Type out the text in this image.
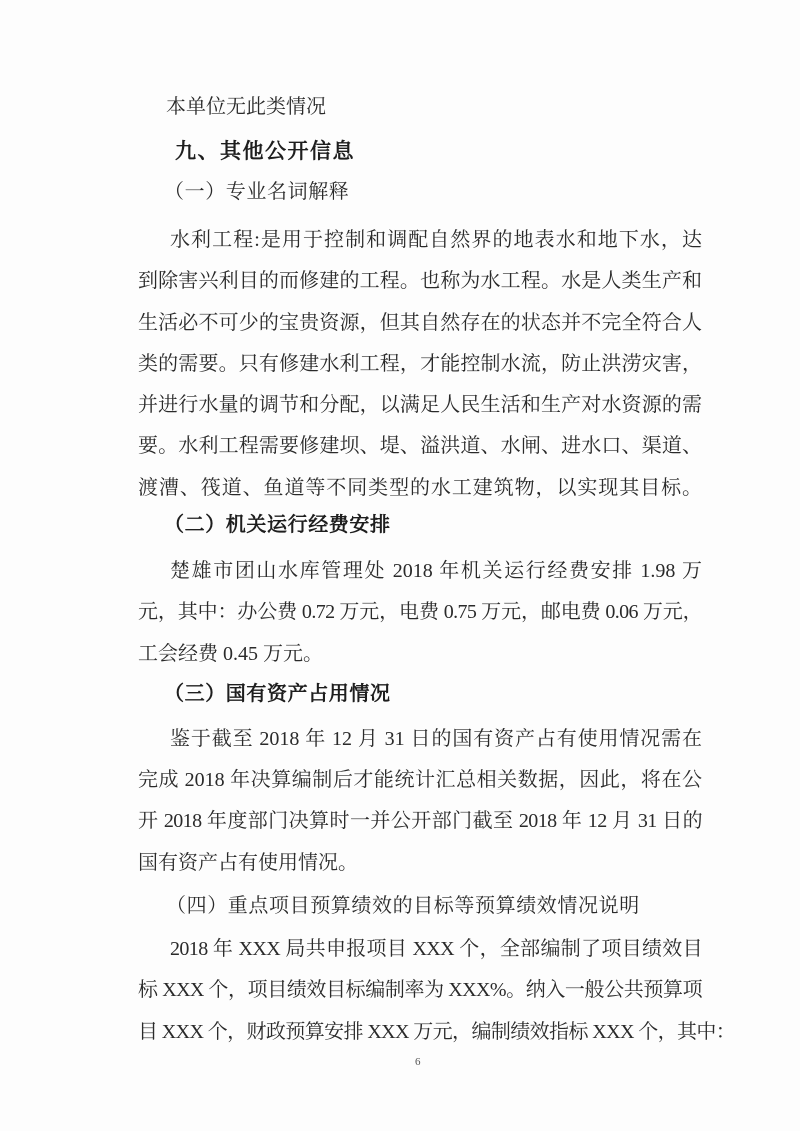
本单位无此类情况
九、其他公开信息
（一）专业名词解释
水利工程:是用于控制和调配自然界的地表水和地下水，达
到除害兴利目的而修建的工程。也称为水工程。水是人类生产和
生活必不可少的宝贵资源，但其自然存在的状态并不完全符合人
类的需要。只有修建水利工程，才能控制水流，防止洪涝灾害，
并进行水量的调节和分配，以满足人民生活和生产对水资源的需
要。水利工程需要修建坝、堤、溢洪道、水闸、进水口、渠道、
渡漕、筏道、鱼道等不同类型的水工建筑物，以实现其目标。
（二）机关运行经费安排
楚雄市团山水库管理处 2018 年机关运行经费安排 1.98 万
元，其中：办公费 0.72 万元，电费 0.75 万元，邮电费 0.06 万元，
工会经费 0.45 万元。
（三）国有资产占用情况
鉴于截至 2018 年 12 月 31 日的国有资产占有使用情况需在
完成 2018 年决算编制后才能统计汇总相关数据，因此，将在公
开 2018 年度部门决算时一并公开部门截至 2018 年 12 月 31 日的
国有资产占有使用情况。
（四）重点项目预算绩效的目标等预算绩效情况说明
2018 年 XXX 局共申报项目 XXX 个，全部编制了项目绩效目
标 XXX 个，项目绩效目标编制率为 XXX%。纳入一般公共预算项
目 XXX 个，财政预算安排 XXX 万元，编制绩效指标 XXX 个，其中：
6
